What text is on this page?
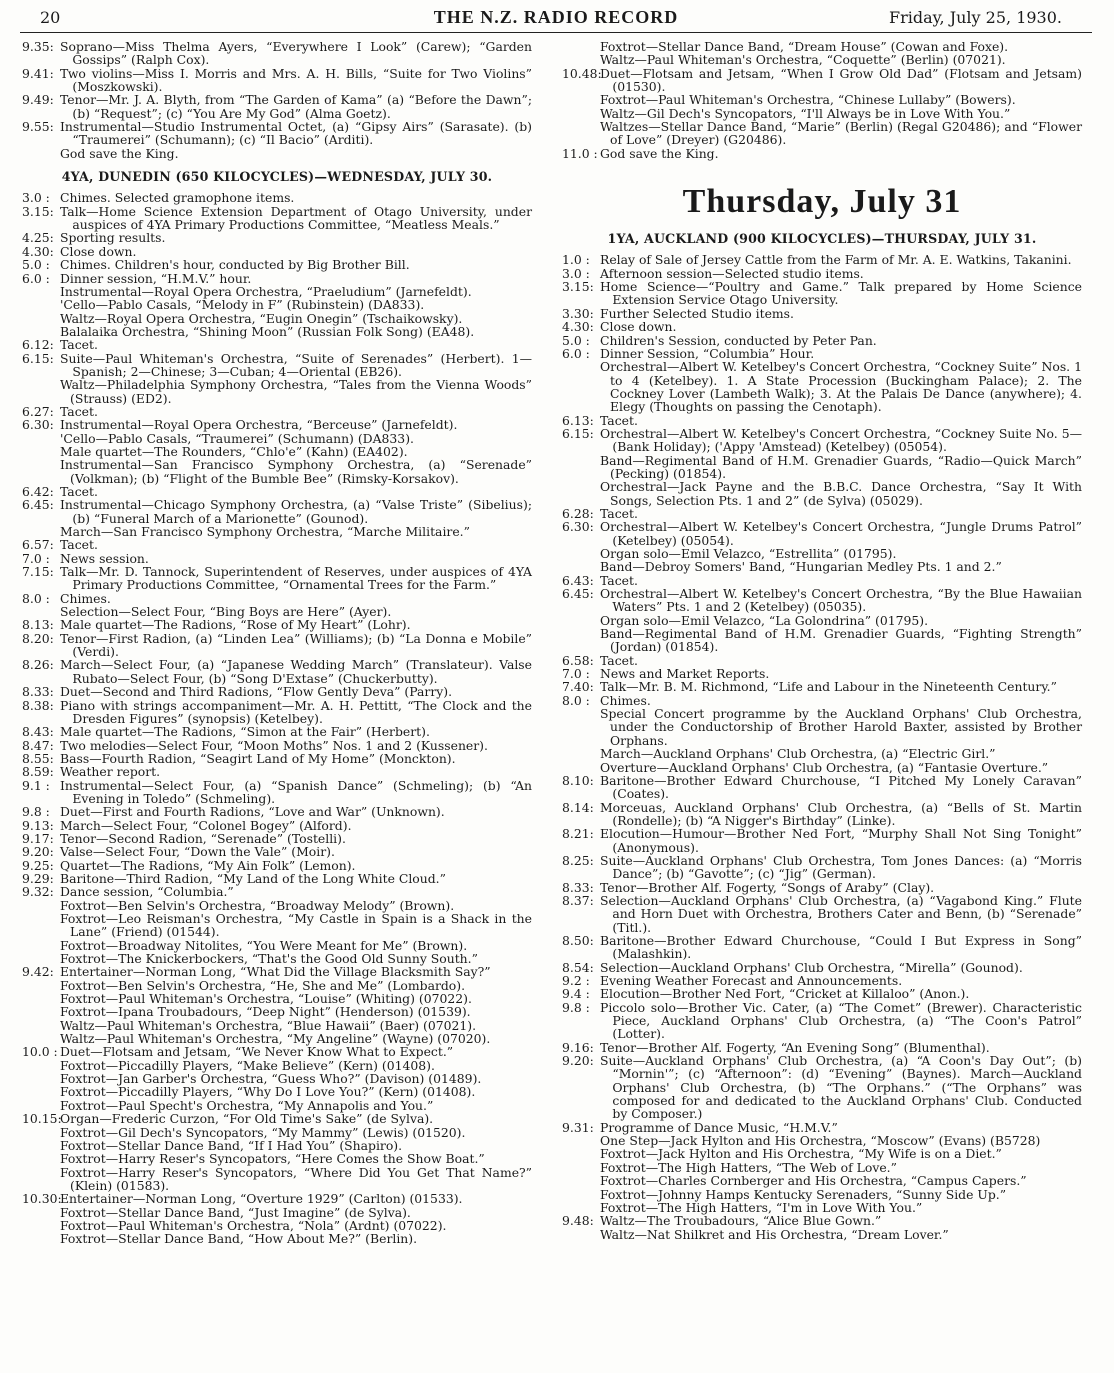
20	THE N.Z. RADIO RECORD	Friday, July 25, 1930.
9.35: Soprano—Miss Thelma Ayers, “Everywhere I Look” (Carew); “Garden Gossips” (Ralph Cox).
9.41: Two violins—Miss I. Morris and Mrs. A. H. Bills, “Suite for Two Violins” (Moszkowski).
9.49: Tenor—Mr. J. A. Blyth, from “The Garden of Kama” (a) “Before the Dawn”; (b) “Request”; (c) “You Are My God” (Alma Goetz).
9.55: Instrumental—Studio Instrumental Octet, (a) “Gipsy Airs” (Sarasate). (b) “Traumerei” (Schumann); (c) “Il Bacio” (Arditi).
God save the King.
4YA, DUNEDIN (650 KILOCYCLES)—WEDNESDAY, JULY 30.
3.0 : Chimes. Selected gramophone items.
3.15: Talk—Home Science Extension Department of Otago University, under auspices of 4YA Primary Productions Committee, “Meatless Meals.”
4.25: Sporting results.
4.30: Close down.
5.0 : Chimes. Children's hour, conducted by Big Brother Bill.
6.0 : Dinner session, “H.M.V.” hour.
Instrumental—Royal Opera Orchestra, “Praeludium” (Jarnefeldt).
'Cello—Pablo Casals, “Melody in F” (Rubinstein) (DA833).
Waltz—Royal Opera Orchestra, “Eugin Onegin” (Tschaikowsky).
Balalaika Orchestra, “Shining Moon” (Russian Folk Song) (EA48).
6.12: Tacet.
6.15: Suite—Paul Whiteman's Orchestra, “Suite of Serenades” (Herbert). 1—Spanish; 2—Chinese; 3—Cuban; 4—Oriental (EB26).
Waltz—Philadelphia Symphony Orchestra, “Tales from the Vienna Woods” (Strauss) (ED2).
6.27: Tacet.
6.30: Instrumental—Royal Opera Orchestra, “Berceuse” (Jarnefeldt).
'Cello—Pablo Casals, “Traumerei” (Schumann) (DA833).
Male quartet—The Rounders, “Chlo'e” (Kahn) (EA402).
Instrumental—San Francisco Symphony Orchestra, (a) “Serenade” (Volkman); (b) “Flight of the Bumble Bee” (Rimsky-Korsakov).
6.42: Tacet.
6.45: Instrumental—Chicago Symphony Orchestra, (a) “Valse Triste” (Sibelius); (b) “Funeral March of a Marionette” (Gounod).
March—San Francisco Symphony Orchestra, “Marche Militaire.”
6.57: Tacet.
7.0 : News session.
7.15: Talk—Mr. D. Tannock, Superintendent of Reserves, under auspices of 4YA Primary Productions Committee, “Ornamental Trees for the Farm.”
8.0 : Chimes.
Selection—Select Four, “Bing Boys are Here” (Ayer).
8.13: Male quartet—The Radions, “Rose of My Heart” (Lohr).
8.20: Tenor—First Radion, (a) “Linden Lea” (Williams); (b) “La Donna e Mobile” (Verdi).
8.26: March—Select Four, (a) “Japanese Wedding March” (Translateur). Valse Rubato—Select Four, (b) “Song D'Extase” (Chuckerbutty).
8.33: Duet—Second and Third Radions, “Flow Gently Deva” (Parry).
8.38: Piano with strings accompaniment—Mr. A. H. Pettitt, “The Clock and the Dresden Figures” (synopsis) (Ketelbey).
8.43: Male quartet—The Radions, “Simon at the Fair” (Herbert).
8.47: Two melodies—Select Four, “Moon Moths” Nos. 1 and 2 (Kussener).
8.55: Bass—Fourth Radion, “Seagirt Land of My Home” (Monckton).
8.59: Weather report.
9.1 : Instrumental—Select Four, (a) “Spanish Dance” (Schmeling); (b) “An Evening in Toledo” (Schmeling).
9.8 : Duet—First and Fourth Radions, “Love and War” (Unknown).
9.13: March—Select Four, “Colonel Bogey” (Alford).
9.17: Tenor—Second Radion, “Serenade” (Tostelli).
9.20: Valse—Select Four, “Down the Vale” (Moir).
9.25: Quartet—The Radions, “My Ain Folk” (Lemon).
9.29: Baritone—Third Radion, “My Land of the Long White Cloud.”
9.32: Dance session, “Columbia.”
Foxtrot—Ben Selvin's Orchestra, “Broadway Melody” (Brown).
Foxtrot—Leo Reisman's Orchestra, “My Castle in Spain is a Shack in the Lane” (Friend) (01544).
Foxtrot—Broadway Nitolites, “You Were Meant for Me” (Brown).
Foxtrot—The Knickerbockers, “That's the Good Old Sunny South.”
9.42: Entertainer—Norman Long, “What Did the Village Blacksmith Say?”
Foxtrot—Ben Selvin's Orchestra, “He, She and Me” (Lombardo).
Foxtrot—Paul Whiteman's Orchestra, “Louise” (Whiting) (07022).
Foxtrot—Ipana Troubadours, “Deep Night” (Henderson) (01539).
Waltz—Paul Whiteman's Orchestra, “Blue Hawaii” (Baer) (07021).
Waltz—Paul Whiteman's Orchestra, “My Angeline” (Wayne) (07020).
10.0 : Duet—Flotsam and Jetsam, “We Never Know What to Expect.”
Foxtrot—Piccadilly Players, “Make Believe” (Kern) (01408).
Foxtrot—Jan Garber's Orchestra, “Guess Who?” (Davison) (01489).
Foxtrot—Piccadilly Players, “Why Do I Love You?” (Kern) (01408).
Foxtrot—Paul Specht's Orchestra, “My Annapolis and You.”
10.15:
Organ—Frederic Curzon, “For Old Time's Sake” (de Sylva).
Foxtrot—Gil Dech's Syncopators, “My Mammy” (Lewis) (01520).
Foxtrot—Stellar Dance Band, “If I Had You” (Shapiro).
Foxtrot—Harry Reser's Syncopators, “Here Comes the Show Boat.”
Foxtrot—Harry Reser's Syncopators, “Where Did You Get That Name?” (Klein) (01583).
10.30:
Entertainer—Norman Long, “Overture 1929” (Carlton) (01533).
Foxtrot—Stellar Dance Band, “Just Imagine” (de Sylva).
Foxtrot—Paul Whiteman's Orchestra, “Nola” (Ardnt) (07022).
Foxtrot—Stellar Dance Band, “How About Me?” (Berlin).
Foxtrot—Stellar Dance Band, “Dream House” (Cowan and Foxe).
Waltz—Paul Whiteman's Orchestra, “Coquette” (Berlin) (07021).
10.48:
Duet—Flotsam and Jetsam, “When I Grow Old Dad” (Flotsam and Jetsam) (01530).
Foxtrot—Paul Whiteman's Orchestra, “Chinese Lullaby” (Bowers).
Waltz—Gil Dech's Syncopators, “I'll Always be in Love With You.”
Waltzes—Stellar Dance Band, “Marie” (Berlin) (Regal G20486); and “Flower of Love” (Dreyer) (G20486).
11.0 : God save the King.
Thursday, July 31
1YA, AUCKLAND (900 KILOCYCLES)—THURSDAY, JULY 31.
1.0 : Relay of Sale of Jersey Cattle from the Farm of Mr. A. E. Watkins, Takanini.
3.0 : Afternoon session—Selected studio items.
3.15: Home Science—“Poultry and Game.” Talk prepared by Home Science Extension Service Otago University.
3.30: Further Selected Studio items.
4.30: Close down.
5.0 : Children's Session, conducted by Peter Pan.
6.0 : Dinner Session, “Columbia” Hour.
Orchestral—Albert W. Ketelbey's Concert Orchestra, “Cockney Suite” Nos. 1 to 4 (Ketelbey). 1. A State Procession (Buckingham Palace); 2. The Cockney Lover (Lambeth Walk); 3. At the Palais De Dance (anywhere); 4. Elegy (Thoughts on passing the Cenotaph).
6.13: Tacet.
6.15: Orchestral—Albert W. Ketelbey's Concert Orchestra, “Cockney Suite No. 5—(Bank Holiday); ('Appy 'Amstead) (Ketelbey) (05054).
Band—Regimental Band of H.M. Grenadier Guards, “Radio—Quick March” (Pecking) (01854).
Orchestral—Jack Payne and the B.B.C. Dance Orchestra, “Say It With Songs, Selection Pts. 1 and 2” (de Sylva) (05029).
6.28: Tacet.
6.30: Orchestral—Albert W. Ketelbey's Concert Orchestra, “Jungle Drums Patrol” (Ketelbey) (05054).
Organ solo—Emil Velazco, “Estrellita” (01795).
Band—Debroy Somers' Band, “Hungarian Medley Pts. 1 and 2.”
6.43: Tacet.
6.45: Orchestral—Albert W. Ketelbey's Concert Orchestra, “By the Blue Hawaiian Waters” Pts. 1 and 2 (Ketelbey) (05035).
Organ solo—Emil Velazco, “La Golondrina” (01795).
Band—Regimental Band of H.M. Grenadier Guards, “Fighting Strength” (Jordan) (01854).
6.58: Tacet.
7.0 : News and Market Reports.
7.40: Talk—Mr. B. M. Richmond, “Life and Labour in the Nineteenth Century.”
8.0 : Chimes.
Special Concert programme by the Auckland Orphans' Club Orchestra, under the Conductorship of Brother Harold Baxter, assisted by Brother Orphans.
March—Auckland Orphans' Club Orchestra, (a) “Electric Girl.”
Overture—Auckland Orphans' Club Orchestra, (a) “Fantasie Overture.”
8.10: Baritone—Brother Edward Churchouse, “I Pitched My Lonely Caravan” (Coates).
8.14: Morceuas, Auckland Orphans' Club Orchestra, (a) “Bells of St. Martin (Rondelle); (b) “A Nigger's Birthday” (Linke).
8.21: Elocution—Humour—Brother Ned Fort, “Murphy Shall Not Sing Tonight” (Anonymous).
8.25: Suite—Auckland Orphans' Club Orchestra, Tom Jones Dances: (a) “Morris Dance”; (b) “Gavotte”; (c) “Jig” (German).
8.33: Tenor—Brother Alf. Fogerty, “Songs of Araby” (Clay).
8.37: Selection—Auckland Orphans' Club Orchestra, (a) “Vagabond King.” Flute and Horn Duet with Orchestra, Brothers Cater and Benn, (b) “Serenade” (Titl.).
8.50: Baritone—Brother Edward Churchouse, “Could I But Express in Song” (Malashkin).
8.54: Selection—Auckland Orphans' Club Orchestra, “Mirella” (Gounod).
9.2 : Evening Weather Forecast and Announcements.
9.4 : Elocution—Brother Ned Fort, “Cricket at Killaloo” (Anon.).
9.8 : Piccolo solo—Brother Vic. Cater, (a) “The Comet” (Brewer). Characteristic Piece, Auckland Orphans' Club Orchestra, (a) “The Coon's Patrol” (Lotter).
9.16: Tenor—Brother Alf. Fogerty, “An Evening Song” (Blumenthal).
9.20: Suite—Auckland Orphans' Club Orchestra, (a) “A Coon's Day Out”; (b) “Mornin'”; (c) “Afternoon”: (d) “Evening” (Baynes). March—Auckland Orphans' Club Orchestra, (b) “The Orphans.” (“The Orphans” was composed for and dedicated to the Auckland Orphans' Club. Conducted by Composer.)
9.31: Programme of Dance Music, “H.M.V.”
One Step—Jack Hylton and His Orchestra, “Moscow” (Evans) (B5728)
Foxtrot—Jack Hylton and His Orchestra, “My Wife is on a Diet.”
Foxtrot—The High Hatters, “The Web of Love.”
Foxtrot—Charles Cornberger and His Orchestra, “Campus Capers.”
Foxtrot—Johnny Hamps Kentucky Serenaders, “Sunny Side Up.”
Foxtrot—The High Hatters, “I'm in Love With You.”
9.48: Waltz—The Troubadours, “Alice Blue Gown.”
Waltz—Nat Shilkret and His Orchestra, “Dream Lover.”
